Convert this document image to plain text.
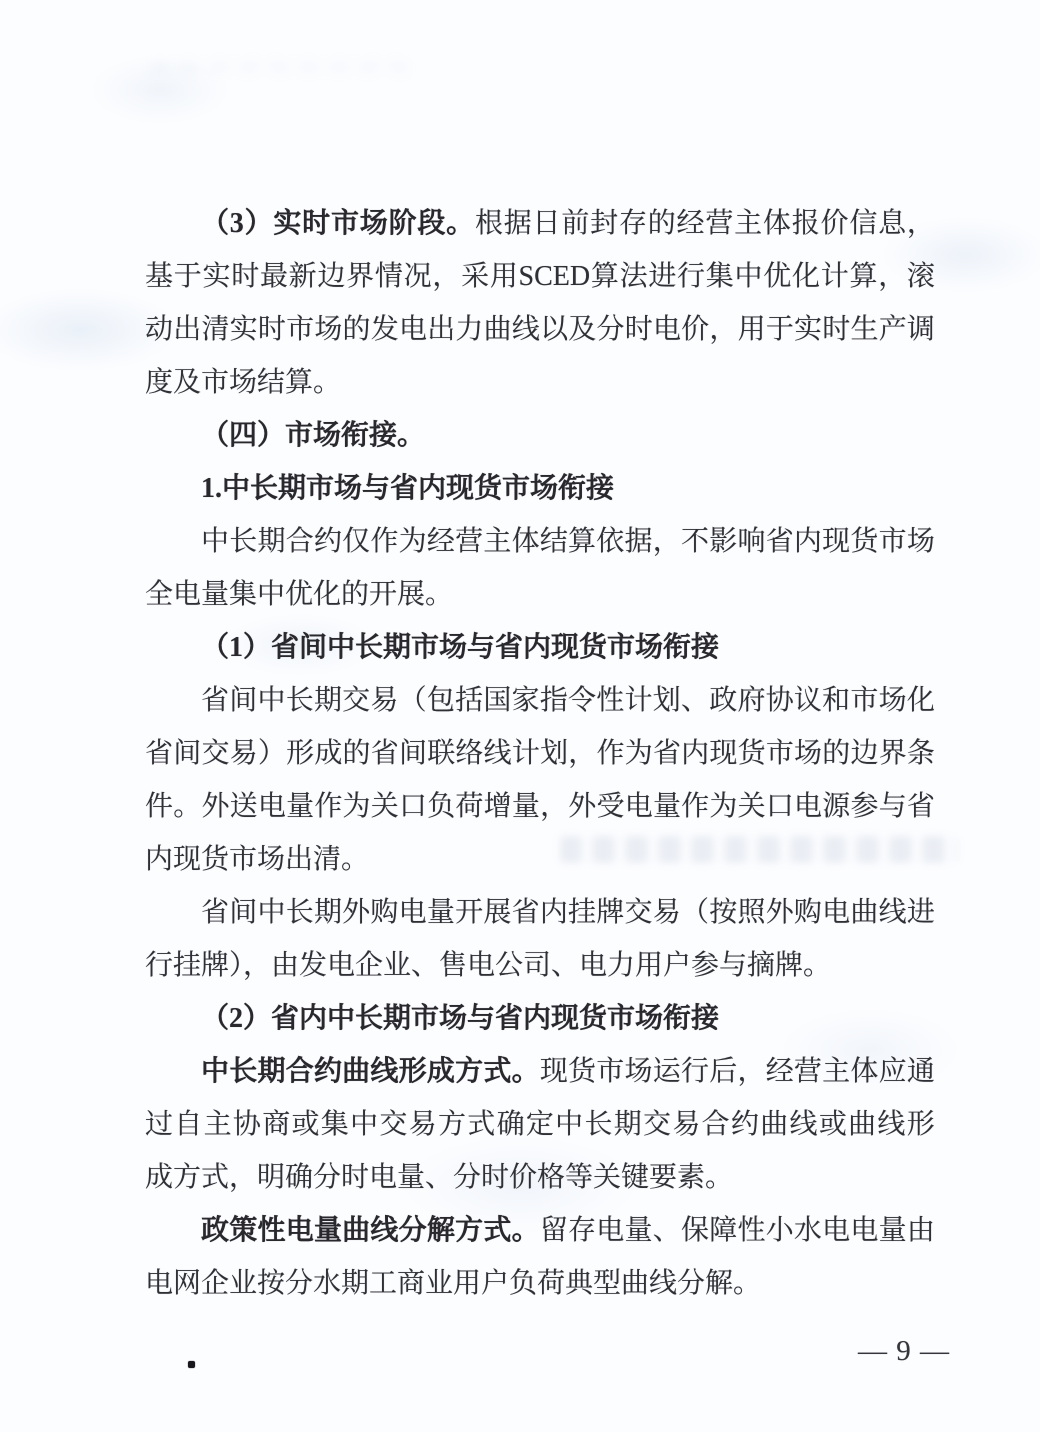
（ 3 ） 实 时 市 场 阶 段 。 根 据 日 前 封 存 的 经 营 主 体 报 价 信 息 ，
基 于 实 时 最 新 边 界 情 况 ， 采 用 SCED 算 法 进 行 集 中 优 化 计 算 ， 滚
动 出 清 实 时 市 场 的 发 电 出 力 曲 线 以 及 分 时 电 价 ， 用 于 实 时 生 产 调
度及市场结算。
（四）市场衔接。
1.中长期市场与省内现货市场衔接
中 长 期 合 约 仅 作 为 经 营 主 体 结 算 依 据 ， 不 影 响 省 内 现 货 市 场
全电量集中优化的开展。
（1）省间中长期市场与省内现货市场衔接
省 间 中 长 期 交 易 （ 包 括 国 家 指 令 性 计 划 、 政 府 协 议 和 市 场 化
省 间 交 易 ） 形 成 的 省 间 联 络 线 计 划 ， 作 为 省 内 现 货 市 场 的 边 界 条
件 。 外 送 电 量 作 为 关 口 负 荷 增 量 ， 外 受 电 量 作 为 关 口 电 源 参 与 省
内现货市场出清。
省 间 中 长 期 外 购 电 量 开 展 省 内 挂 牌 交 易 （ 按 照 外 购 电 曲 线 进
行挂牌），由发电企业、售电公司、电力用户参与摘牌。
（2）省内中长期市场与省内现货市场衔接
中 长 期 合 约 曲 线 形 成 方 式 。 现 货 市 场 运 行 后 ， 经 营 主 体 应 通
过 自 主 协 商 或 集 中 交 易 方 式 确 定 中 长 期 交 易 合 约 曲 线 或 曲 线 形
成方式，明确分时电量、分时价格等关键要素。
政 策 性 电 量 曲 线 分 解 方 式 。 留 存 电 量 、 保 障 性 小 水 电 电 量 由
电网企业按分水期工商业用户负荷典型曲线分解。
— 9 —
